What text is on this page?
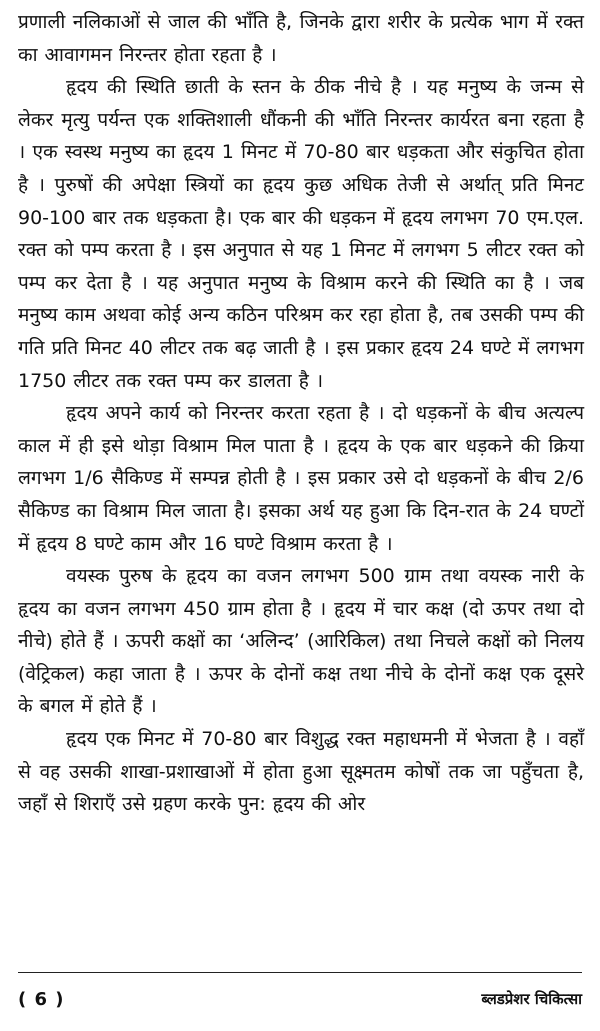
प्रणाली नलिकाओं से जाल की भाँति है, जिनके द्वारा शरीर के प्रत्येक भाग में रक्त का आवागमन निरन्तर होता रहता है ।

हृदय की स्थिति छाती के स्तन के ठीक नीचे है । यह मनुष्य के जन्म से लेकर मृत्यु पर्यन्त एक शक्तिशाली धौंकनी की भाँति निरन्तर कार्यरत बना रहता है । एक स्वस्थ मनुष्य का हृदय 1 मिनट में 70-80 बार धड़कता और संकुचित होता है । पुरुषों की अपेक्षा स्त्रियों का हृदय कुछ अधिक तेजी से अर्थात् प्रति मिनट 90-100 बार तक धड़कता है। एक बार की धड़कन में हृदय लगभग 70 एम.एल. रक्त को पम्प करता है । इस अनुपात से यह 1 मिनट में लगभग 5 लीटर रक्त को पम्प कर देता है । यह अनुपात मनुष्य के विश्राम करने की स्थिति का है । जब मनुष्य काम अथवा कोई अन्य कठिन परिश्रम कर रहा होता है, तब उसकी पम्प की गति प्रति मिनट 40 लीटर तक बढ़ जाती है । इस प्रकार हृदय 24 घण्टे में लगभग 1750 लीटर तक रक्त पम्प कर डालता है ।

हृदय अपने कार्य को निरन्तर करता रहता है । दो धड़कनों के बीच अत्यल्प काल में ही इसे थोड़ा विश्राम मिल पाता है । हृदय के एक बार धड़कने की क्रिया लगभग 1/6 सैकिण्ड में सम्पन्न होती है । इस प्रकार उसे दो धड़कनों के बीच 2/6 सैकिण्ड का विश्राम मिल जाता है। इसका अर्थ यह हुआ कि दिन-रात के 24 घण्टों में हृदय 8 घण्टे काम और 16 घण्टे विश्राम करता है ।

वयस्क पुरुष के हृदय का वजन लगभग 500 ग्राम तथा वयस्क नारी के हृदय का वजन लगभग 450 ग्राम होता है । हृदय में चार कक्ष (दो ऊपर तथा दो नीचे) होते हैं । ऊपरी कक्षों का ‘अलिन्द’ (आरिकिल) तथा निचले कक्षों को निलय (वेट्रिकल) कहा जाता है । ऊपर के दोनों कक्ष तथा नीचे के दोनों कक्ष एक दूसरे के बगल में होते हैं ।

हृदय एक मिनट में 70-80 बार विशुद्ध रक्त महाधमनी में भेजता है । वहाँ से वह उसकी शाखा-प्रशाखाओं में होता हुआ सूक्ष्मतम कोषों तक जा पहुँचता है, जहाँ से शिराएँ उसे ग्रहण करके पुन: हृदय की ओर

( 6 )	ब्लडप्रेशर चिकित्सा
